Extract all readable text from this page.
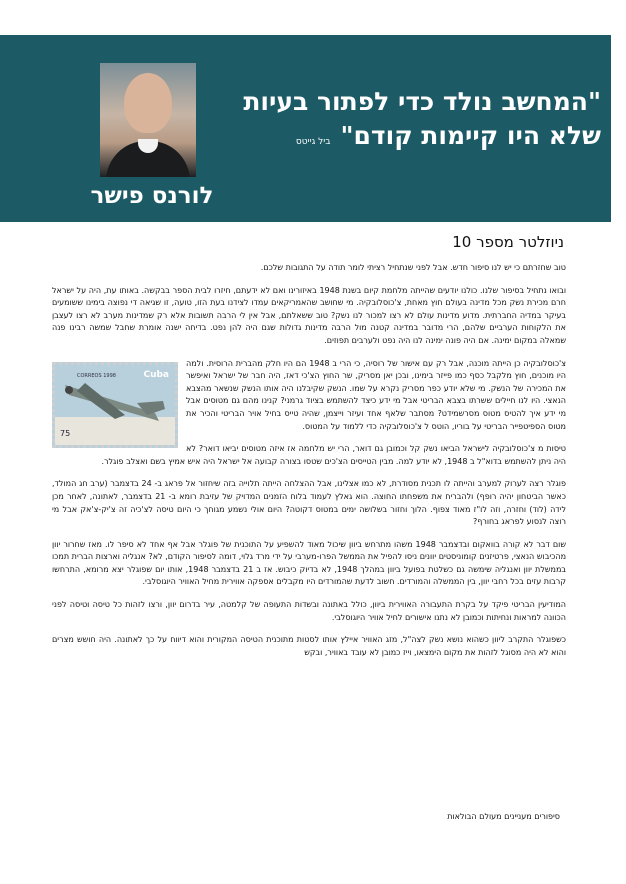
לורנס פישר
"המחשב נולד כדי לפתור בעיות
שלא היו קיימות קודם"ביל גייטס
ניוזלטר מספר 10

טוב שחזרתם כי יש לנו סיפור חדש. אבל לפני שנתחיל רציתי לומר תודה על התגובות שלכם.

ובואו נתחיל בסיפור שלנו. כולנו יודעים שהייתה מלחמת קיום בשנת 1948 באיזורינו ואם לא ידעתם, חיזרו לבית הספר בבקשה. באותו עת, היה על ישראל חרם מכירת נשק מכל מדינה בעולם חוץ מאחת, צ'כוסלובקיה. מי שחושב שהאמריקאים עמדו לצידנו בעת הזו, טועה, זו שגיאה די נפוצה בימינו ששומעים בעיקר במדיה החברתית. מדוע מדינות עולם לא רצו למכור לנו נשק? טוב ששאלתם, אבל אין לי הרבה תשובות אלא רק שמדינות מערב לא רצו לעצבן את הלקוחות הערביים שלהם, הרי מדובר במדינה קטנה מול הרבה מדינות גדולות שגם היה להן נפט. בדיחה ישנה אומרת שחבל שמשה רבינו פנה שמאלה במקום ימינה. אם היה פונה ימינה לנו היה נפט ולערבים תפוזים.

Cuba
CORREOS 1998
75

צ'כוסלובקיה כן הייתה מוכנה, אבל רק עם אישור של רוסיה, כי הרי ב 1948 הם היו חלק מהברית הרוסית. ולמה היו מוכנים, חוץ מלקבל כסף כמו פייזר בימינו, ובכן יאן מסריק, שר החוץ הצ'כי דאז, היה חבר של ישראל ואיפשר את המכירה של הנשק. מי שלא יודע כפר מסריק נקרא על שמו. הנשק שקיבלנו היה אותו הנשק שנשאר מהצבא הנאצי. היו לנו חיילים ששרתו בצבא הבריטי אבל מי ידע כיצד להשתמש בציוד גרמני? קנינו מהם גם מטוסים אבל מי ידע איך להטיס מטוס מסרשמידט? מסתבר שלאף אחד ועיזר וייצמן, שהיה טייס בחיל אויר הבריטי והכיר את מטוס הספיטפייר הבריטי על בוריו, הוטס ל צ'כוסלובקיה כדי ללמוד על המטוס.

טיסות מ צ'כוסלובקיה לישראל הביאו נשק קל וכמובן גם דואר, הרי יש מלחמה אז איזה מטוסים יביאו דואר? לא היה ניתן להשתמש בדוא"ל ב 1948, לא יודע למה. מבין הטייסים הצ'כים שטסו בצורה קבועה אל ישראל היה איש אמיץ בשם ואצלב פוגלר.

פוגלר רצה לערוק למערב והייתה לו תכנית מסודרת, לא כמו אצלינו, אבל ההצלחה הייתה תלוייה בזה שיחזור אל פראג ב- 24 בדצמבר (ערב חג המולד, כאשר הביטחון יהיה רופף) ולהבריח את משפחתו החוצה. הוא גאלץ לעמוד בלוח הזמנים המדויק של עזיבת רומא ב- 21 בדצמבר, לאתונה, לאחר מכן לידה (לוד) וחזרה, וזה לו"ז מאוד צפוף. הלוך וחזור בשלושה ימים במטוס דקוטה? היום אולי נשמע מגוחך כי היום טיסה לצ'כיה זה צ'יק-צ'אק אבל מי רוצה לנסוע לפראג בחורף?

שום דבר לא קורה בוואקום ובדצמבר 1948 משהו מתרחש ביוון שיכול מאוד להשפיע על התוכנית של פוגלר אבל אף אחד לא סיפר לו. מאז שחרור יוון מהכיבוש הנאצי, פרטיזנים קומוניסטים יוונים ניסו להפיל את הממשל הפרו-מערבי על ידי מרד גלוי, דומה לסיפור הקודם, לא? אנגליה וארצות הברית תמכו בממשלת יוון ואנגליה שימשה גם כשלטת בפועל ביוון במהלך 1948, לא בדיוק כיבוש. אז ב 21 בדצמבר 1948, אותו יום שפוגלר יצא מרומא, התרחשו קרבות עזים בכל רחבי יוון, בין הממשלה והמורדים. חשוב לדעת שהמורדים היו מקבלים אספקה אווירית מחיל האוויר היוגוסלבי.

המודיעין הבריטי פיקד על בקרת התעבורה האווירית ביוון, כולל באתונה ובשדות התעופה של קלמטה, עיר בדרום יוון, ורצו לזהות כל טיסה וטיסה לפני הכוונה למראות ונחיתות וכמובן לא נתנו אישורים לחיל אוויר היוגוסלבי.

כשפוגלר התקרב ליוון כשהוא נושא נשק לצה"ל, מזג האוויר איילץ אותו לסטות מתוכנית הטיסה המקורית והוא דיווח על כך לאתונה. היה חושש מצרים והוא לא היה מסוגל לזהות את מקום הימצאו, וייז כמובן לא עובד באוויר, ובקש

סיפורים מעניינים מעולם הבולאות
